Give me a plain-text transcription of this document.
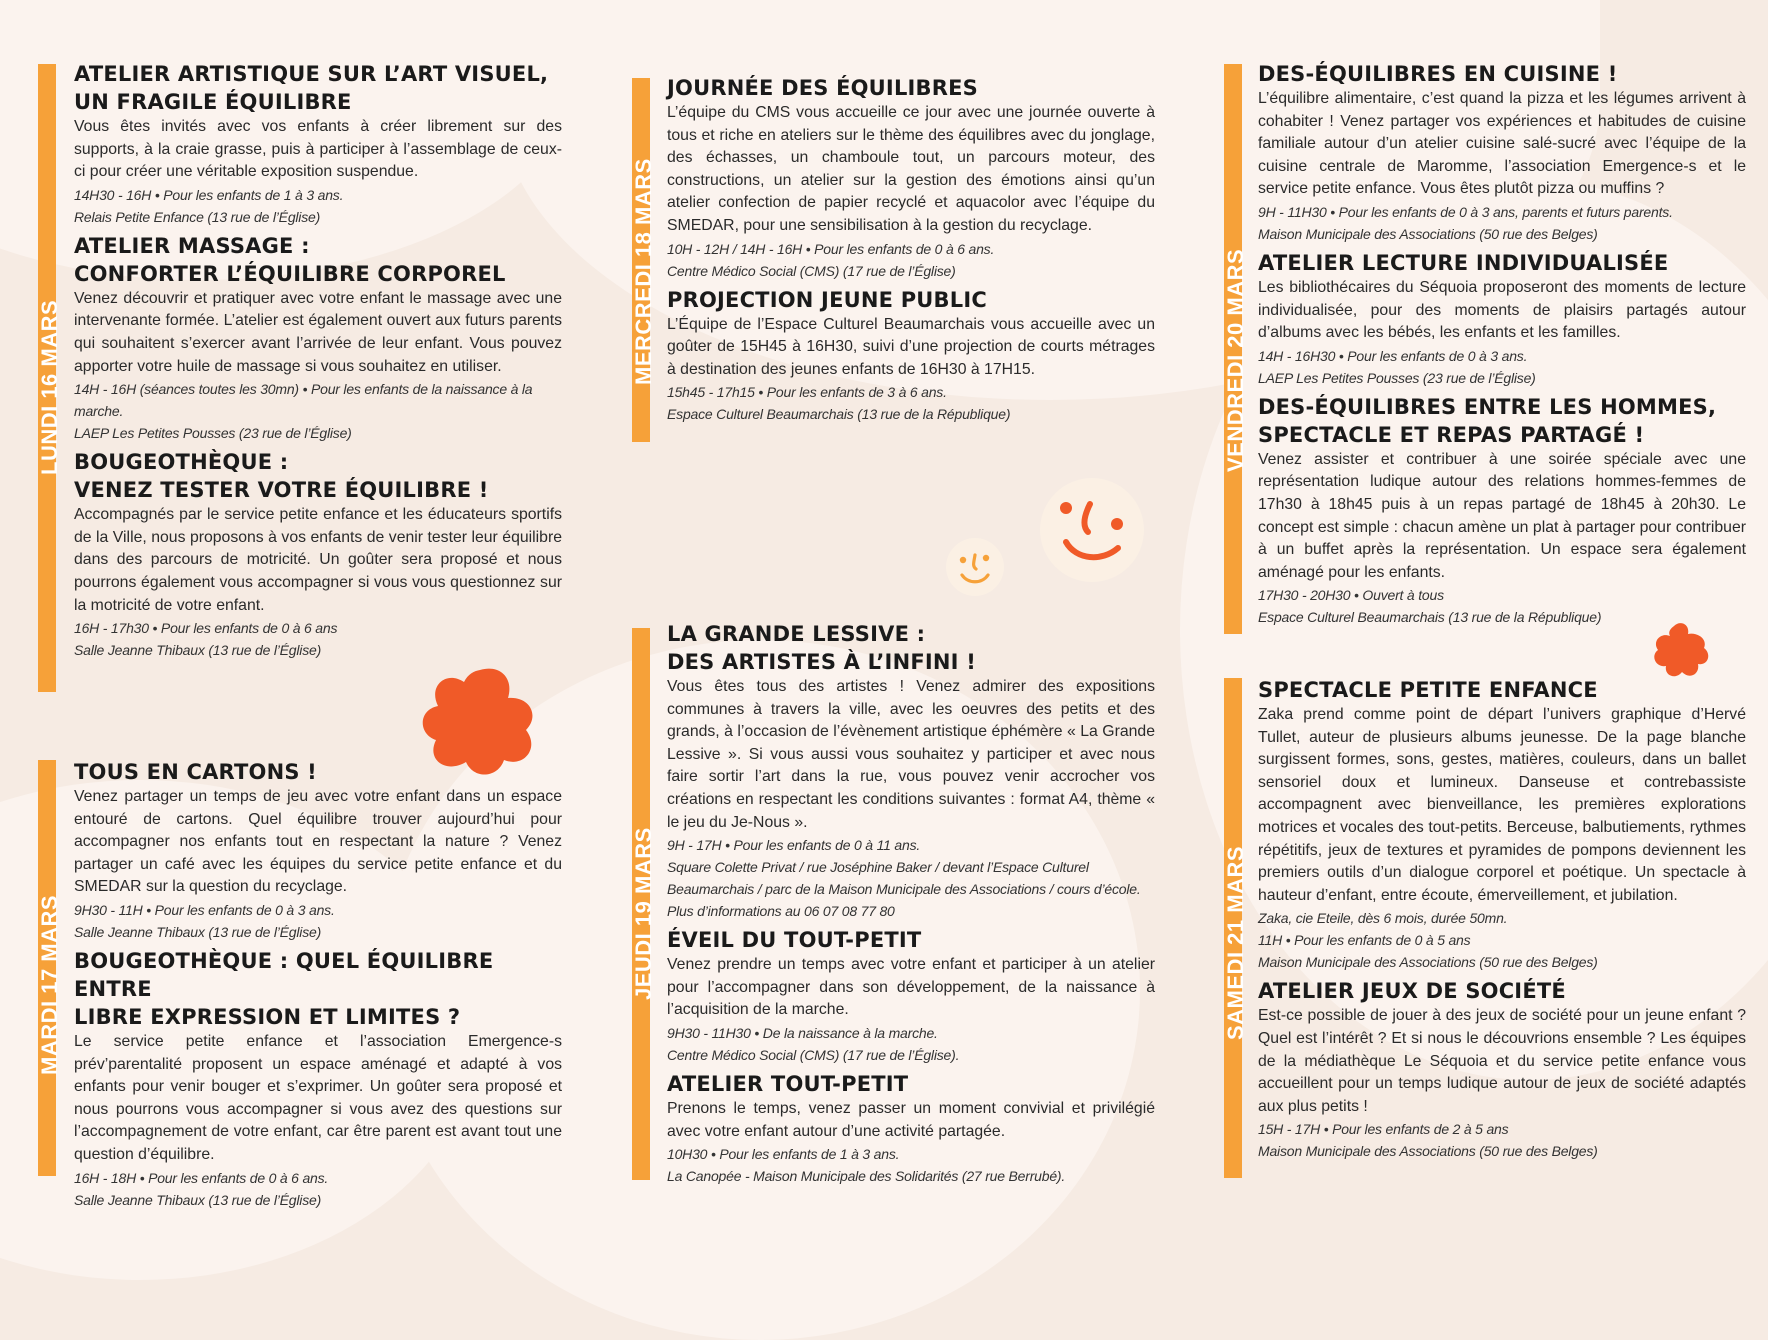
LUNDI 16 MARS
MARDI 17 MARS
MERCREDI 18 MARS
JEUDI 19 MARS
VENDREDI 20 MARS
SAMEDI 21 MARS
ATELIER ARTISTIQUE SUR L’ART VISUEL,
UN FRAGILE ÉQUILIBRE

Vous êtes invités avec vos enfants à créer librement sur des supports, à la craie grasse, puis à participer à l’assemblage de ceux-ci pour créer une véritable exposition suspendue.

14H30 - 16H • Pour les enfants de 1 à 3 ans.

Relais Petite Enfance (13 rue de l’Église)

ATELIER MASSAGE :
CONFORTER L’ÉQUILIBRE CORPOREL

Venez découvrir et pratiquer avec votre enfant le massage avec une intervenante formée. L’atelier est également ouvert aux futurs parents qui souhaitent s’exercer avant l’arrivée de leur enfant. Vous pouvez apporter votre huile de massage si vous souhaitez en utiliser.

14H - 16H (séances toutes les 30mn) • Pour les enfants de la naissance à la

marche.

LAEP Les Petites Pousses (23 rue de l’Église)

BOUGEOTHÈQUE :
VENEZ TESTER VOTRE ÉQUILIBRE !

Accompagnés par le service petite enfance et les éducateurs sportifs de la Ville, nous proposons à vos enfants de venir tester leur équilibre dans des parcours de motricité. Un goûter sera proposé et nous pourrons également vous accompagner si vous vous questionnez sur la motricité de votre enfant.

16H - 17h30 • Pour les enfants de 0 à 6 ans

Salle Jeanne Thibaux (13 rue de l’Église)

TOUS EN CARTONS !

Venez partager un temps de jeu avec votre enfant dans un espace entouré de cartons. Quel équilibre trouver aujourd’hui pour accompagner nos enfants tout en respectant la nature ? Venez partager un café avec les équipes du service petite enfance et du SMEDAR sur la question du recyclage.

9H30 - 11H • Pour les enfants de 0 à 3 ans.

Salle Jeanne Thibaux (13 rue de l’Église)

BOUGEOTHÈQUE : QUEL ÉQUILIBRE ENTRE
LIBRE EXPRESSION ET LIMITES ?

Le service petite enfance et l’association Emergence-s prév’parentalité proposent un espace aménagé et adapté à vos enfants pour venir bouger et s’exprimer. Un goûter sera proposé et nous pourrons vous accompagner si vous avez des questions sur l’accompagnement de votre enfant, car être parent est avant tout une question d’équilibre.

16H - 18H • Pour les enfants de 0 à 6 ans.

Salle Jeanne Thibaux (13 rue de l’Église)

JOURNÉE DES ÉQUILIBRES

L’équipe du CMS vous accueille ce jour avec une journée ouverte à tous et riche en ateliers sur le thème des équilibres avec du jonglage, des échasses, un chamboule tout, un parcours moteur, des constructions, un atelier sur la gestion des émotions ainsi qu’un atelier confection de papier recyclé et aquacolor avec l’équipe du SMEDAR, pour une sensibilisation à la gestion du recyclage.

10H - 12H / 14H - 16H • Pour les enfants de 0 à 6 ans.

Centre Médico Social (CMS) (17 rue de l’Église)

PROJECTION JEUNE PUBLIC

L’Équipe de l’Espace Culturel Beaumarchais vous accueille avec un goûter de 15H45 à 16H30, suivi d’une projection de courts métrages à destination des jeunes enfants de 16H30 à 17H15.

15h45 - 17h15 • Pour les enfants de 3 à 6 ans.

Espace Culturel Beaumarchais (13 rue de la République)

LA GRANDE LESSIVE :
DES ARTISTES À L’INFINI !

Vous êtes tous des artistes ! Venez admirer des expositions communes à travers la ville, avec les oeuvres des petits et des grands, à l’occasion de l’évènement artistique éphémère « La Grande Lessive ». Si vous aussi vous souhaitez y participer et avec nous faire sortir l’art dans la rue, vous pouvez venir accrocher vos créations en respectant les conditions suivantes : format A4, thème « le jeu du Je-Nous ».

9H - 17H • Pour les enfants de 0 à 11 ans.

Square Colette Privat / rue Joséphine Baker / devant l’Espace Culturel

Beaumarchais / parc de la Maison Municipale des Associations / cours d’école.

Plus d’informations au 06 07 08 77 80

ÉVEIL DU TOUT-PETIT

Venez prendre un temps avec votre enfant et participer à un atelier pour l’accompagner dans son développement, de la naissance à l’acquisition de la marche.

9H30 - 11H30 • De la naissance à la marche.

Centre Médico Social (CMS) (17 rue de l’Église).

ATELIER TOUT-PETIT

Prenons le temps, venez passer un moment convivial et privilégié avec votre enfant autour d’une activité partagée.

10H30 • Pour les enfants de 1 à 3 ans.

La Canopée - Maison Municipale des Solidarités (27 rue Berrubé).

DES-ÉQUILIBRES EN CUISINE !

L’équilibre alimentaire, c’est quand la pizza et les légumes arrivent à cohabiter ! Venez partager vos expériences et habitudes de cuisine familiale autour d’un atelier cuisine salé-sucré avec l’équipe de la cuisine centrale de Maromme, l’association Emergence-s et le service petite enfance. Vous êtes plutôt pizza ou muffins ?

9H - 11H30 • Pour les enfants de 0 à 3 ans, parents et futurs parents.

Maison Municipale des Associations (50 rue des Belges)

ATELIER LECTURE INDIVIDUALISÉE

Les bibliothécaires du Séquoia proposeront des moments de lecture individualisée, pour des moments de plaisirs partagés autour d’albums avec les bébés, les enfants et les familles.

14H - 16H30 • Pour les enfants de 0 à 3 ans.

LAEP Les Petites Pousses (23 rue de l’Église)

DES-ÉQUILIBRES ENTRE LES HOMMES,
SPECTACLE ET REPAS PARTAGÉ !

Venez assister et contribuer à une soirée spéciale avec une représentation ludique autour des relations hommes-femmes de 17h30 à 18h45 puis à un repas partagé de 18h45 à 20h30. Le concept est simple : chacun amène un plat à partager pour contribuer à un buffet après la représentation. Un espace sera également aménagé pour les enfants.

17H30 - 20H30 • Ouvert à tous

Espace Culturel Beaumarchais (13 rue de la République)

SPECTACLE PETITE ENFANCE

Zaka prend comme point de départ l’univers graphique d’Hervé Tullet, auteur de plusieurs albums jeunesse. De la page blanche surgissent formes, sons, gestes, matières, couleurs, dans un ballet sensoriel doux et lumineux. Danseuse et contrebassiste accompagnent avec bienveillance, les premières explorations motrices et vocales des tout-petits. Berceuse, balbutiements, rythmes répétitifs, jeux de textures et pyramides de pompons deviennent les premiers outils d’un dialogue corporel et poétique. Un spectacle à hauteur d’enfant, entre écoute, émerveillement, et jubilation.

Zaka, cie Eteile, dès 6 mois, durée 50mn.

11H • Pour les enfants de 0 à 5 ans

Maison Municipale des Associations (50 rue des Belges)

ATELIER JEUX DE SOCIÉTÉ

Est-ce possible de jouer à des jeux de société pour un jeune enfant ? Quel est l’intérêt ? Et si nous le découvrions ensemble ? Les équipes de la médiathèque Le Séquoia et du service petite enfance vous accueillent pour un temps ludique autour de jeux de société adaptés aux plus petits !

15H - 17H • Pour les enfants de 2 à 5 ans

Maison Municipale des Associations (50 rue des Belges)
